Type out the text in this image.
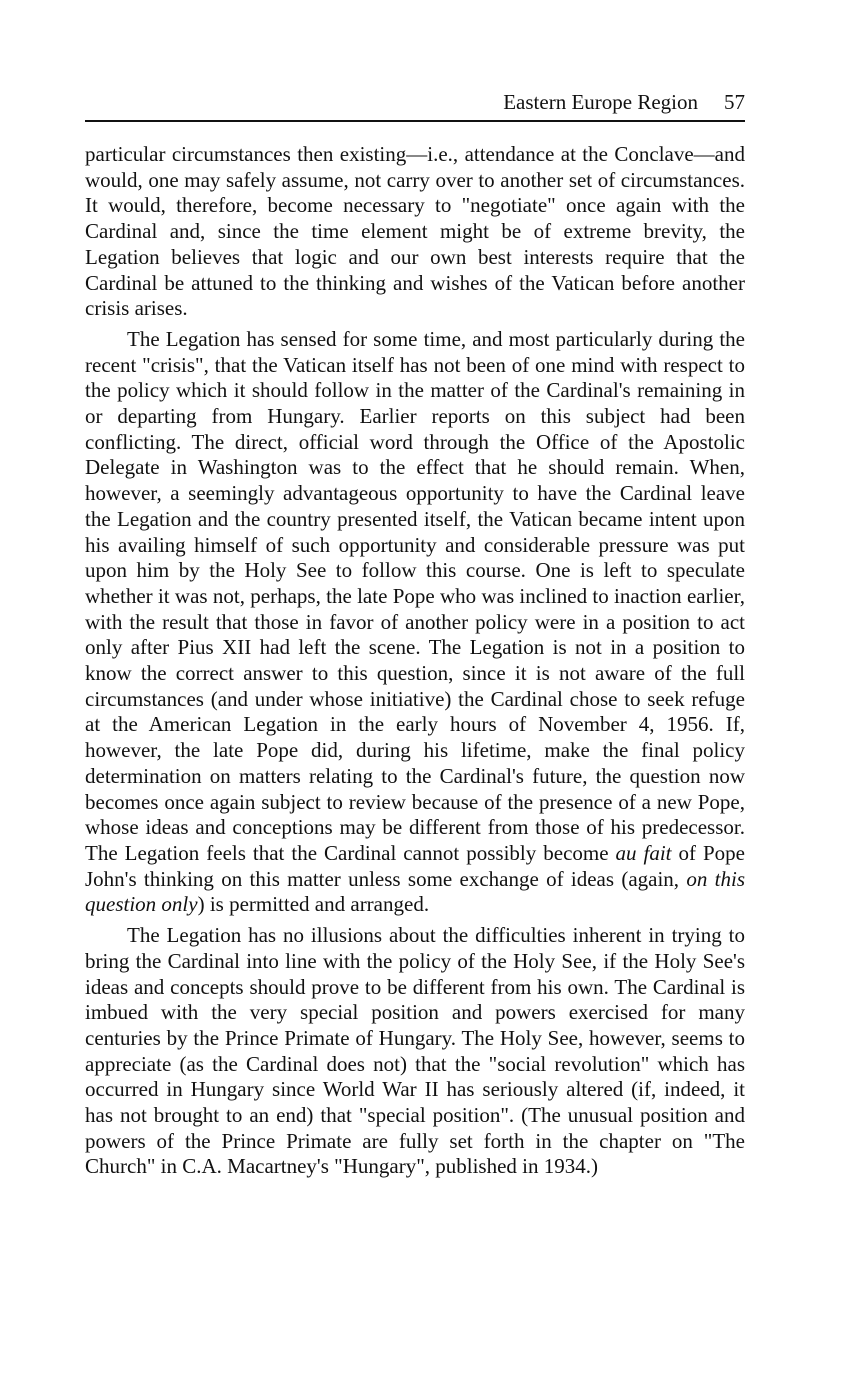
Eastern Europe Region 57

particular circumstances then existing—i.e., attendance at the Conclave—and would, one may safely assume, not carry over to another set of circumstances. It would, therefore, become necessary to "negotiate" once again with the Cardinal and, since the time element might be of extreme brevity, the Legation believes that logic and our own best interests require that the Cardinal be attuned to the thinking and wishes of the Vatican before another crisis arises.

The Legation has sensed for some time, and most particularly during the recent "crisis", that the Vatican itself has not been of one mind with respect to the policy which it should follow in the matter of the Cardinal's remaining in or departing from Hungary. Earlier reports on this subject had been conflicting. The direct, official word through the Office of the Apostolic Delegate in Washington was to the effect that he should remain. When, however, a seemingly advantageous opportunity to have the Cardinal leave the Legation and the country presented itself, the Vatican became intent upon his availing himself of such opportunity and considerable pressure was put upon him by the Holy See to follow this course. One is left to speculate whether it was not, perhaps, the late Pope who was inclined to inaction earlier, with the result that those in favor of another policy were in a position to act only after Pius XII had left the scene. The Legation is not in a position to know the correct answer to this question, since it is not aware of the full circumstances (and under whose initiative) the Cardinal chose to seek refuge at the American Legation in the early hours of November 4, 1956. If, however, the late Pope did, during his lifetime, make the final policy determination on matters relating to the Cardinal's future, the question now becomes once again subject to review because of the presence of a new Pope, whose ideas and conceptions may be different from those of his predecessor. The Legation feels that the Cardinal cannot possibly become au fait of Pope John's thinking on this matter unless some exchange of ideas (again, on this question only) is permitted and arranged.

The Legation has no illusions about the difficulties inherent in trying to bring the Cardinal into line with the policy of the Holy See, if the Holy See's ideas and concepts should prove to be different from his own. The Cardinal is imbued with the very special position and powers exercised for many centuries by the Prince Primate of Hungary. The Holy See, however, seems to appreciate (as the Cardinal does not) that the "social revolution" which has occurred in Hungary since World War II has seriously altered (if, indeed, it has not brought to an end) that "special position". (The unusual position and powers of the Prince Primate are fully set forth in the chapter on "The Church" in C.A. Macartney's "Hungary", published in 1934.)
